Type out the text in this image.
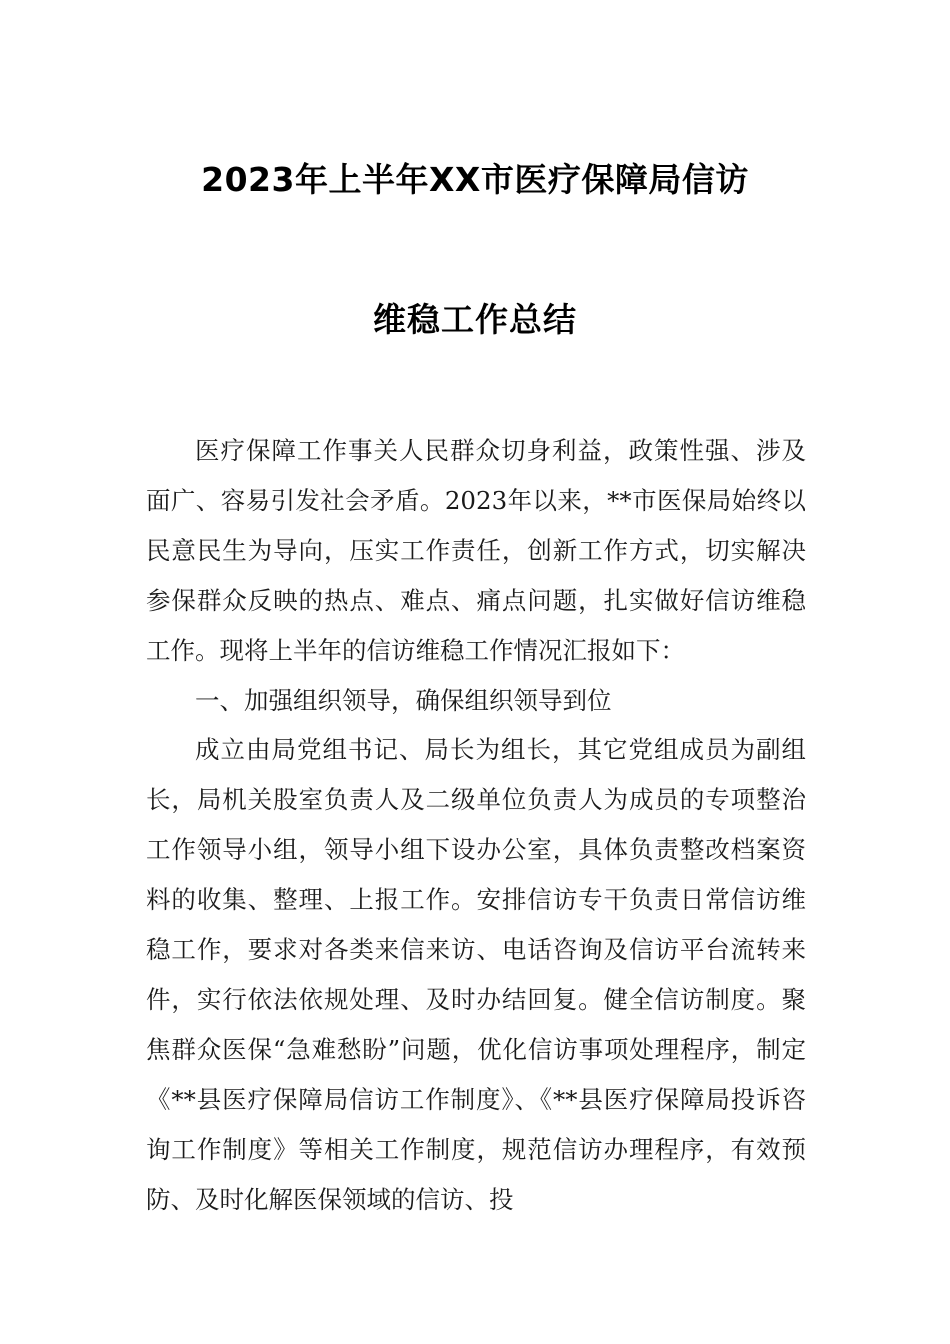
2023年上半年XX市医疗保障局信访
维稳工作总结

医疗保障工作事关人民群众切身利益，政策性强、涉及面广、容易引发社会矛盾。2023年以来，**市医保局始终以民意民生为导向，压实工作责任，创新工作方式，切实解决参保群众反映的热点、难点、痛点问题，扎实做好信访维稳工作。现将上半年的信访维稳工作情况汇报如下：

一、加强组织领导，确保组织领导到位

成立由局党组书记、局长为组长，其它党组成员为副组长，局机关股室负责人及二级单位负责人为成员的专项整治工作领导小组，领导小组下设办公室，具体负责整改档案资料的收集、整理、上报工作。安排信访专干负责日常信访维稳工作，要求对各类来信来访、电话咨询及信访平台流转来件，实行依法依规处理、及时办结回复。健全信访制度。聚焦群众医保“急难愁盼”问题，优化信访事项处理程序，制定《**县医疗保障局信访工作制度》、《**县医疗保障局投诉咨询工作制度》等相关工作制度，规范信访办理程序，有效预防、及时化解医保领域的信访、投
